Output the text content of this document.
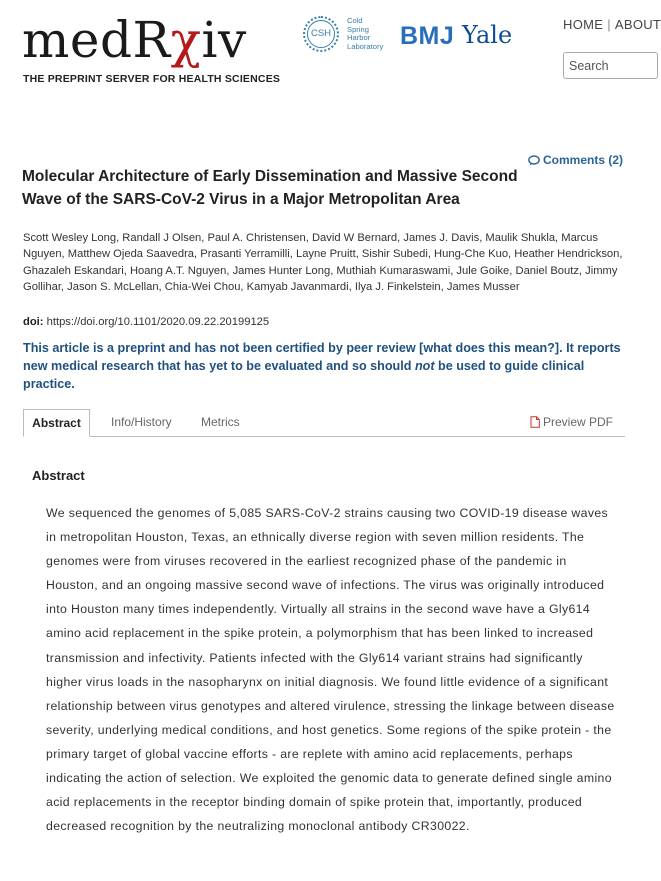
medRχiv
THE PREPRINT SERVER FOR HEALTH SCIENCES
CSH
Cold
Spring
Harbor
Laboratory BMJ Yale	HOME | ABOUT
Search
Comments (2)
Molecular Architecture of Early Dissemination and Massive Second Wave of the SARS-CoV-2 Virus in a Major Metropolitan Area
Scott Wesley Long, Randall J Olsen, Paul A. Christensen, David W Bernard, James J. Davis, Maulik Shukla, Marcus Nguyen, Matthew Ojeda Saavedra, Prasanti Yerramilli, Layne Pruitt, Sishir Subedi, Hung-Che Kuo, Heather Hendrickson, Ghazaleh Eskandari, Hoang A.T. Nguyen, James Hunter Long, Muthiah Kumaraswami, Jule Goike, Daniel Boutz, Jimmy Gollihar, Jason S. McLellan, Chia-Wei Chou, Kamyab Javanmardi, Ilya J. Finkelstein, James Musser
doi: https://doi.org/10.1101/2020.09.22.20199125
This article is a preprint and has not been certified by peer review [what does this mean?]. It reports new medical research that has yet to be evaluated and so should not be used to guide clinical practice.
Abstract	Info/History Metrics	Preview PDF
Abstract
We sequenced the genomes of 5,085 SARS-CoV-2 strains causing two COVID-19 disease waves in metropolitan Houston, Texas, an ethnically diverse region with seven million residents. The genomes were from viruses recovered in the earliest recognized phase of the pandemic in Houston, and an ongoing massive second wave of infections. The virus was originally introduced into Houston many times independently. Virtually all strains in the second wave have a Gly614 amino acid replacement in the spike protein, a polymorphism that has been linked to increased transmission and infectivity. Patients infected with the Gly614 variant strains had significantly higher virus loads in the nasopharynx on initial diagnosis. We found little evidence of a significant relationship between virus genotypes and altered virulence, stressing the linkage between disease severity, underlying medical conditions, and host genetics. Some regions of the spike protein - the primary target of global vaccine efforts - are replete with amino acid replacements, perhaps indicating the action of selection. We exploited the genomic data to generate defined single amino acid replacements in the receptor binding domain of spike protein that, importantly, produced decreased recognition by the neutralizing monoclonal antibody CR30022.
